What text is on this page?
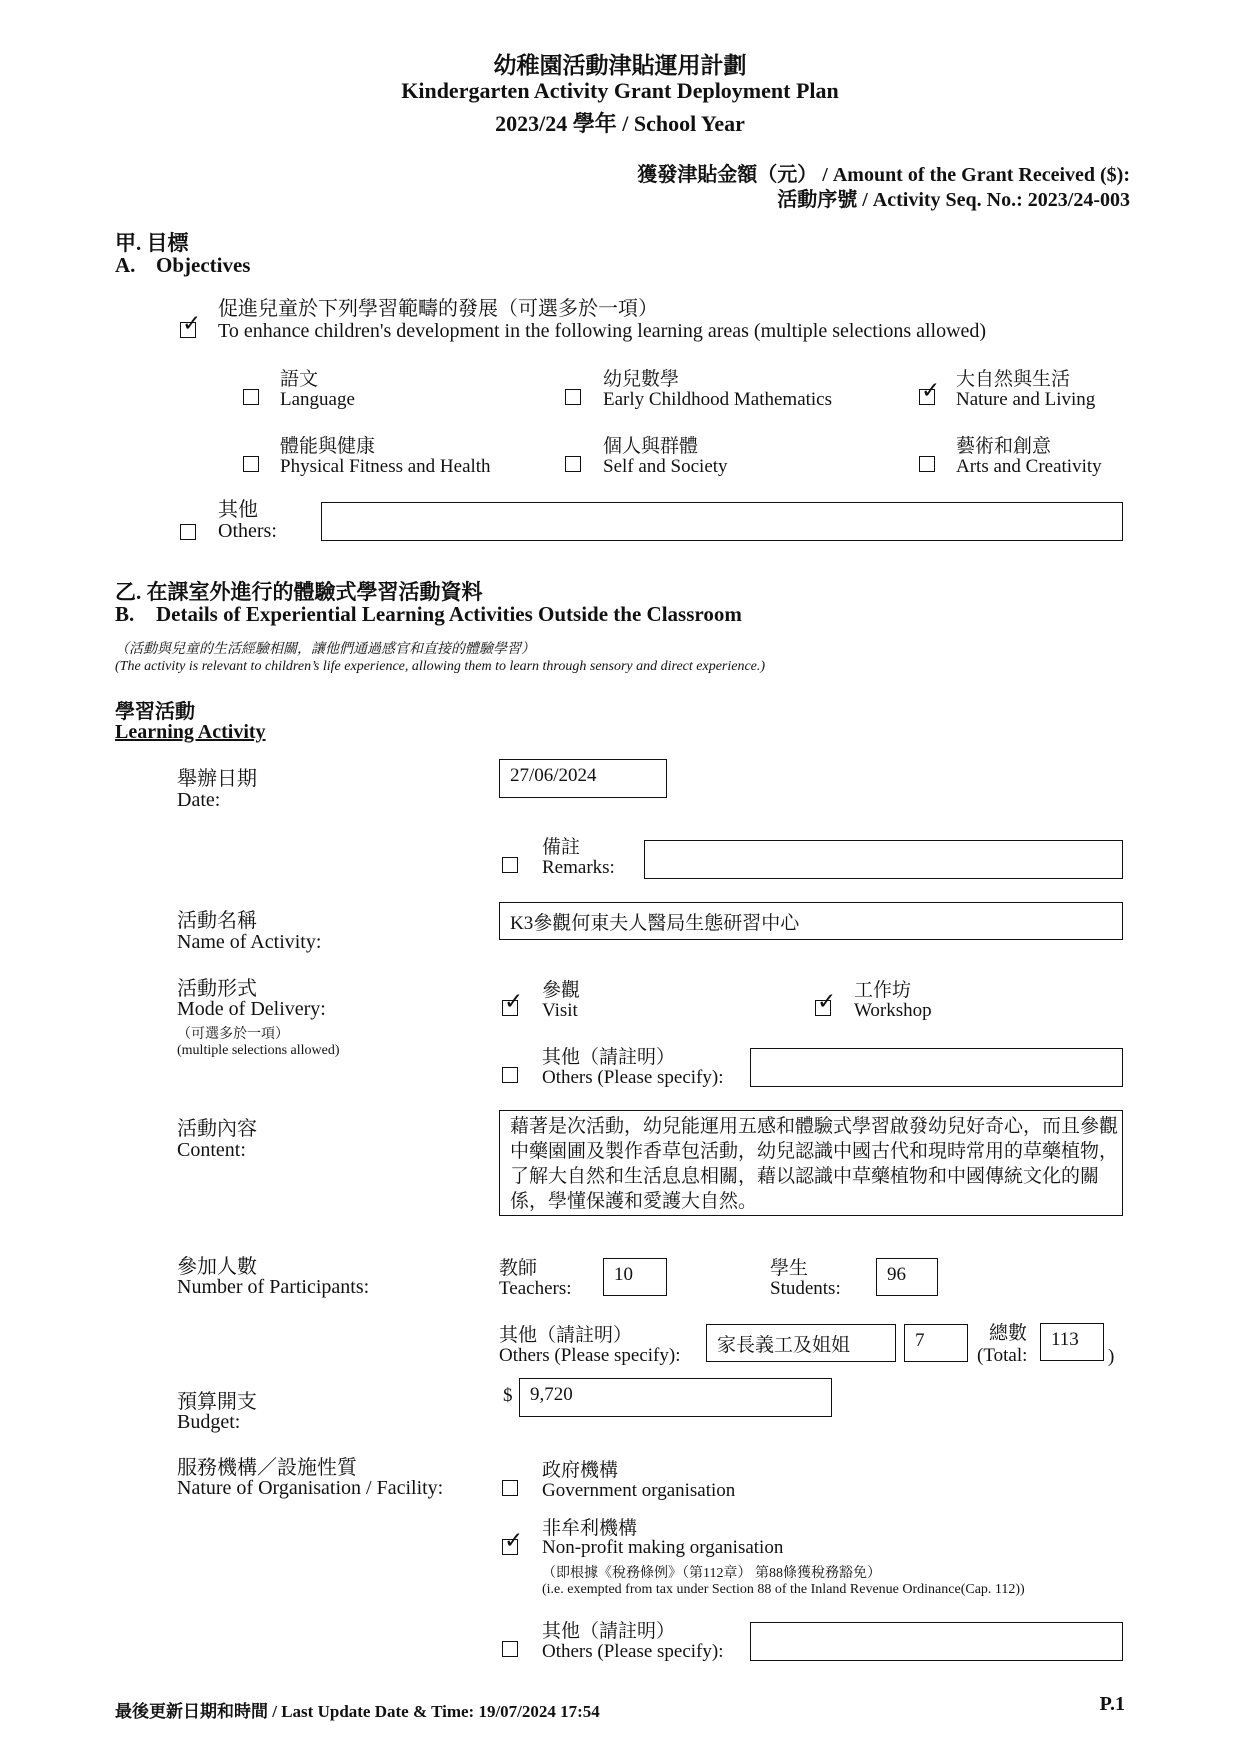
幼稚園活動津貼運用計劃
Kindergarten Activity Grant Deployment Plan
2023/24 學年 / School Year
獲發津貼金額（元） / Amount of the Grant Received ($):
活動序號 / Activity Seq. No.: 2023/24-003
甲. 目標
A. Objectives
✓
促進兒童於下列學習範疇的發展（可選多於一項）
To enhance children's development in the following learning areas (multiple selections allowed)
語文
Language
幼兒數學
Early Childhood Mathematics	✓ 大自然與生活
Nature and Living
體能與健康
Physical Fitness and Health
個人與群體
Self and Society
藝術和創意
Arts and Creativity
其他
Others:
乙. 在課室外進行的體驗式學習活動資料
B. Details of Experiential Learning Activities Outside the Classroom
（活動與兒童的生活經驗相關，讓他們通過感官和直接的體驗學習）
(The activity is relevant to children’s life experience, allowing them to learn through sensory and direct experience.)
學習活動
Learning Activity
舉辦日期
Date:
27/06/2024
備註
Remarks:
活動名稱
Name of Activity:
K3參觀何東夫人醫局生態研習中心
活動形式
Mode of Delivery:
（可選多於一項）
(multiple selections allowed)
✓ 參觀
Visit	✓ 工作坊
Workshop
其他（請註明）
Others (Please specify):
活動內容
Content:
藉著是次活動，幼兒能運用五感和體驗式學習啟發幼兒好奇心，而且參觀中藥園圃及製作香草包活動，幼兒認識中國古代和現時常用的草藥植物，了解大自然和生活息息相關，藉以認識中草藥植物和中國傳統文化的關係，學懂保護和愛護大自然。
參加人數
Number of Participants:
教師
Teachers:
10	學生
Students:
96
其他（請註明）
Others (Please specify):	家長義工及姐姐	7	總數
(Total:
113
)
預算開支
Budget:
$ 9,720
服務機構／設施性質
Nature of Organisation / Facility:
政府機構
Government organisation
✓ 非牟利機構
Non-profit making organisation
（即根據《稅務條例》（第112章） 第88條獲稅務豁免）
(i.e. exempted from tax under Section 88 of the Inland Revenue Ordinance(Cap. 112))
其他（請註明）
Others (Please specify):
最後更新日期和時間 / Last Update Date & Time: 19/07/2024 17:54	P.1
